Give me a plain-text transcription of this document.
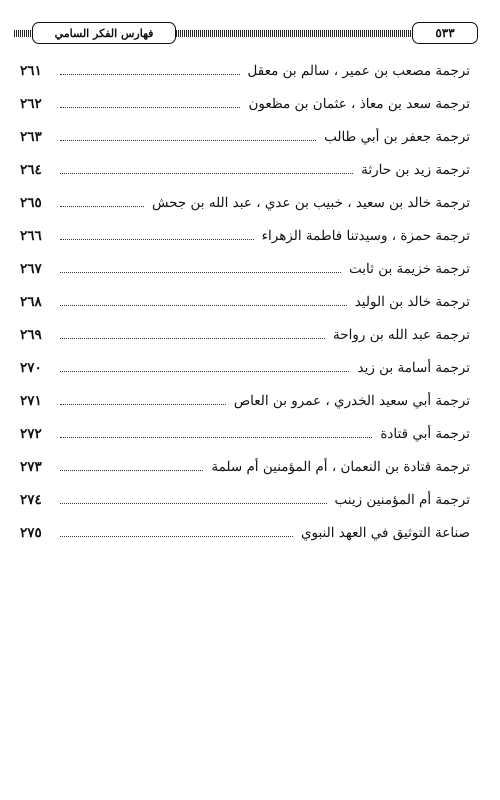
٥٣٣
فهارس الفكر السامي
ترجمة مصعب بن عمير ، سالم بن معقل
٢٦١
ترجمة سعد بن معاذ ، عثمان بن مظعون
٢٦٢
ترجمة جعفر بن أبي طالب
٢٦٣
ترجمة زيد بن حارثة
٢٦٤
ترجمة خالد بن سعيد ، خبيب بن عدي ، عبد الله بن جحش
٢٦٥
ترجمة حمزة ، وسيدتنا فاطمة الزهراء
٢٦٦
ترجمة خزيمة بن ثابت
٢٦٧
ترجمة خالد بن الوليد
٢٦٨
ترجمة عبد الله بن رواحة
٢٦٩
ترجمة أسامة بن زيد
٢٧٠
ترجمة أبي سعيد الخدري ، عمرو بن العاص
٢٧١
ترجمة أبي قتادة
٢٧٢
ترجمة قتادة بن النعمان ، أم المؤمنين أم سلمة
٢٧٣
ترجمة أم المؤمنين زينب
٢٧٤
صناعة التوثيق في العهد النبوي
٢٧٥
